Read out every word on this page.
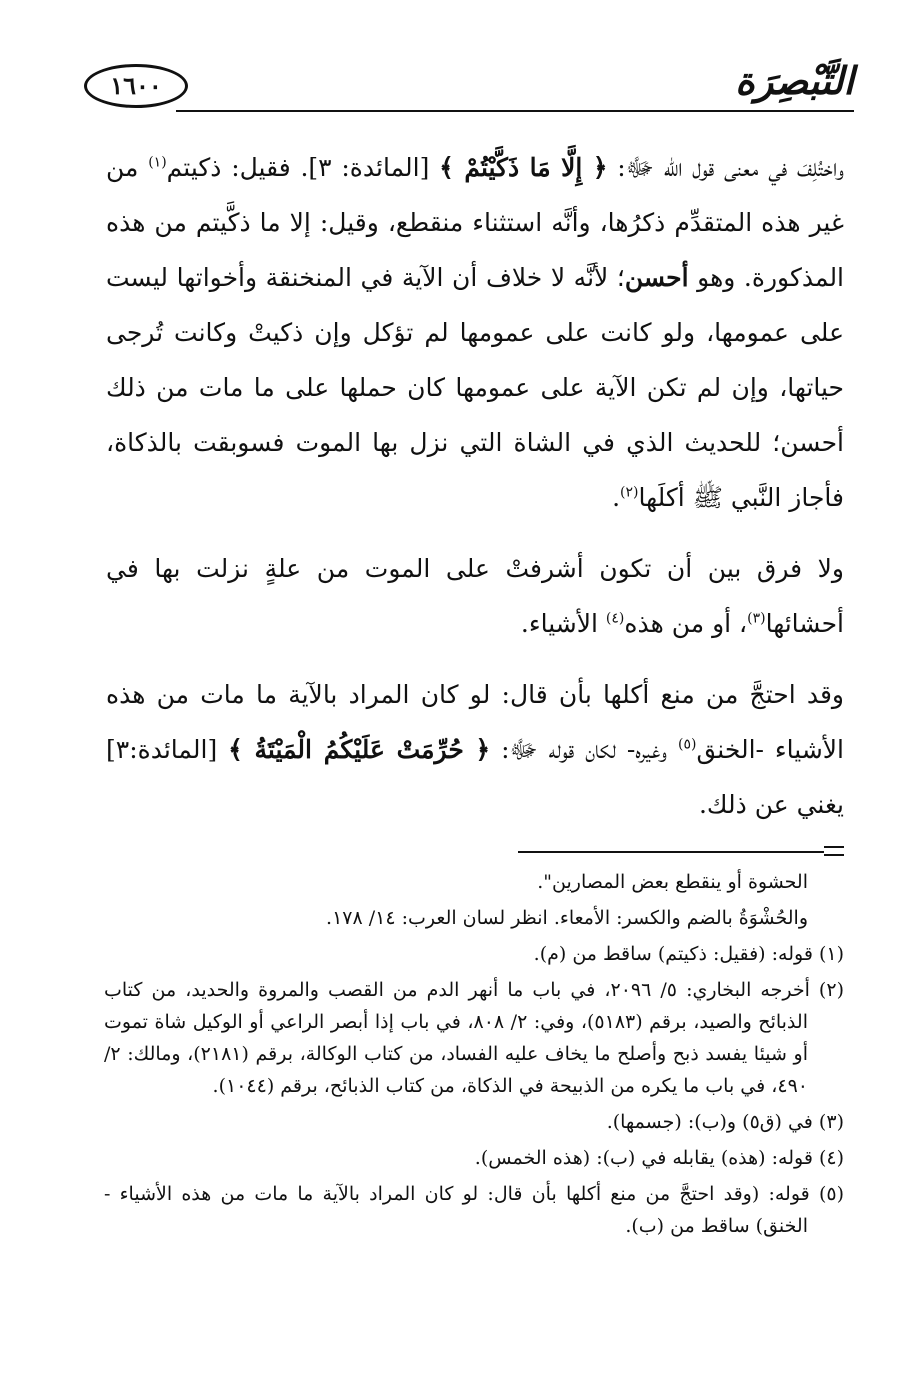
التَّبْصِرَة
١٦٠٠

واختُلِفَ في معنى قول الله ﷻ: ﴿ إِلَّا مَا ذَكَّيْتُمْ ﴾ [المائدة: ٣]. فقيل: ذكيتم$^{(١)}$ من غير هذه المتقدِّم ذكرُها، وأنَّه استثناء منقطع، وقيل: إلا ما ذكَّيتم من هذه المذكورة. وهو أحسن؛ لأنَّه لا خلاف أن الآية في المنخنقة وأخواتها ليست على عمومها، ولو كانت على عمومها لم تؤكل وإن ذكيتْ وكانت تُرجى حياتها، وإن لم تكن الآية على عمومها كان حملها على ما مات من ذلك أحسن؛ للحديث الذي في الشاة التي نزل بها الموت فسوبقت بالذكاة، فأجاز النَّبي ﷺ أكلَها$^{(٢)}$.

ولا فرق بين أن تكون أشرفتْ على الموت من علةٍ نزلت بها في أحشائها$^{(٣)}$، أو من هذه$^{(٤)}$ الأشياء.

وقد احتجَّ من منع أكلها بأن قال: لو كان المراد بالآية ما مات من هذه الأشياء -الخنق$^{(٥)}$ وغيره- لكان قوله ﷻ: ﴿ حُرِّمَتْ عَلَيْكُمُ الْمَيْتَةُ ﴾ [المائدة:٣] يغني عن ذلك.

الحشوة أو ينقطع بعض المصارين".

والحُشْوَةُ بالضم والكسر: الأمعاء. انظر لسان العرب: ١٤/ ١٧٨.

(١) قوله: (فقيل: ذكيتم) ساقط من (م).

(٢) أخرجه البخاري: ٥/ ٢٠٩٦، في باب ما أنهر الدم من القصب والمروة والحديد، من كتاب الذبائح والصيد، برقم (٥١٨٣)، وفي: ٢/ ٨٠٨، في باب إذا أبصر الراعي أو الوكيل شاة تموت أو شيئا يفسد ذبح وأصلح ما يخاف عليه الفساد، من كتاب الوكالة، برقم (٢١٨١)، ومالك: ٢/ ٤٩٠، في باب ما يكره من الذبيحة في الذكاة، من كتاب الذبائح، برقم (١٠٤٤).

(٣) في (ق٥) و(ب): (جسمها).

(٤) قوله: (هذه) يقابله في (ب): (هذه الخمس).

(٥) قوله: (وقد احتجَّ من منع أكلها بأن قال: لو كان المراد بالآية ما مات من هذه الأشياء - الخنق) ساقط من (ب).
